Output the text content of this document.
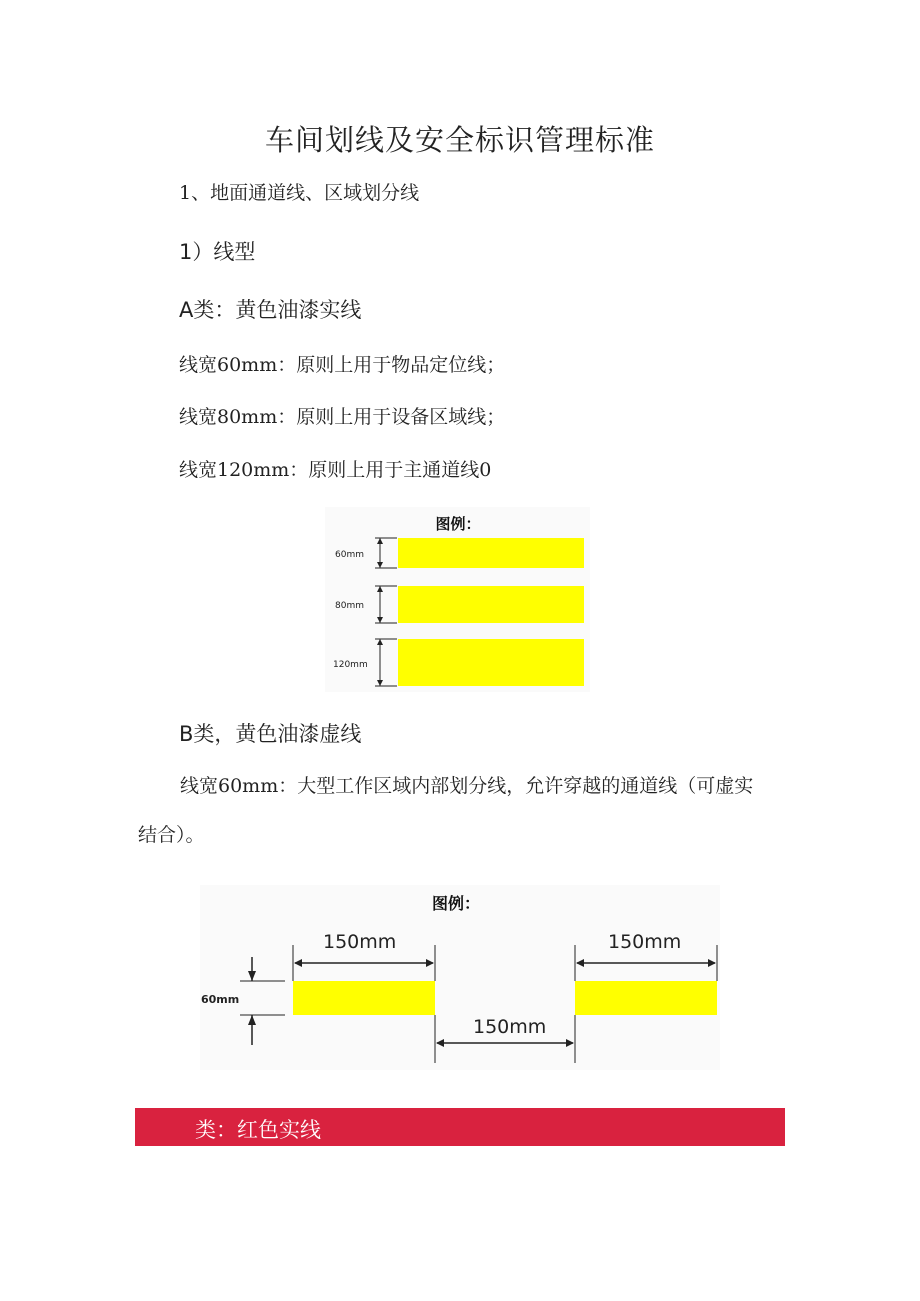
车间划线及安全标识管理标准
1、地面通道线、区域划分线
1）线型
A类：黄色油漆实线
线宽60mm：原则上用于物品定位线；
线宽80mm：原则上用于设备区域线；
线宽120mm：原则上用于主通道线0
图例：
60mm
80mm
120mm
B类，黄色油漆虚线
线宽60mm：大型工作区域内部划分线，允许穿越的通道线（可虚实
结合）。
图例：
150mm	150mm
150mm
60mm
类：红色实线
